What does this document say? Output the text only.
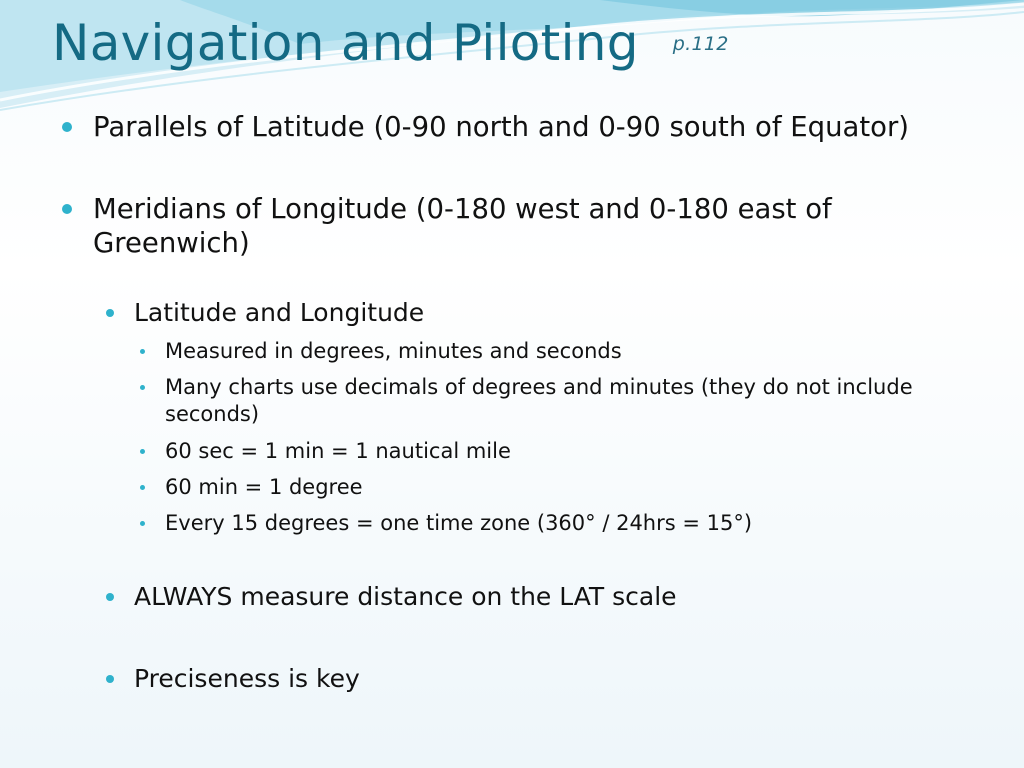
Navigation and Piloting $^{p.112}$
Parallels of Latitude (0-90 north and 0-90 south of Equator)
Meridians of Longitude (0-180 west and 0-180 east of Greenwich)
Latitude and Longitude
Measured in degrees, minutes and seconds
Many charts use decimals of degrees and minutes (they do not include seconds)
60 sec = 1 min = 1 nautical mile
60 min = 1 degree
Every 15 degrees = one time zone (360° / 24hrs = 15°)
ALWAYS measure distance on the LAT scale
Preciseness is key
